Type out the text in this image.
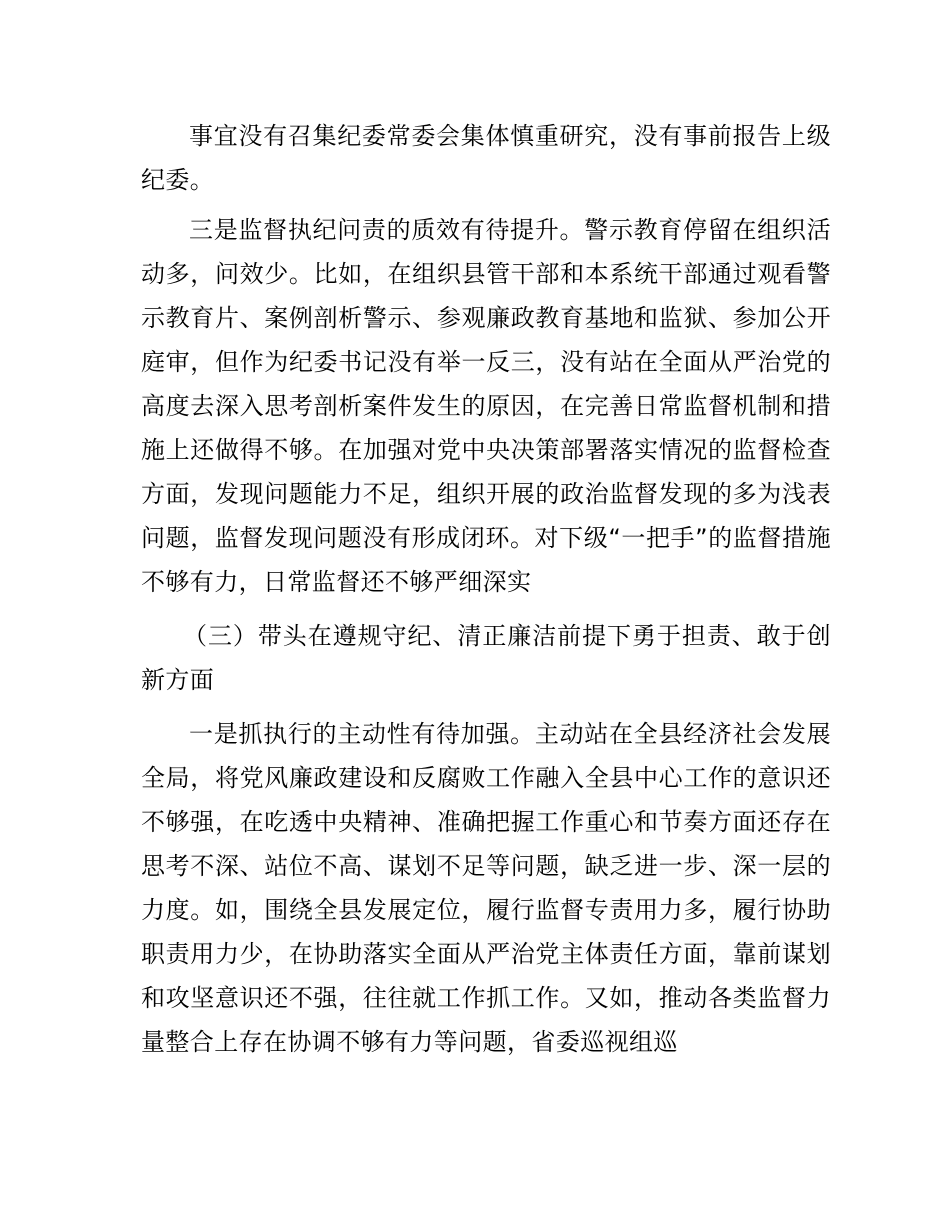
事宜没有召集纪委常委会集体慎重研究，没有事前报告上级纪委。

三是监督执纪问责的质效有待提升。警示教育停留在组织活动多，问效少。比如，在组织县管干部和本系统干部通过观看警示教育片、案例剖析警示、参观廉政教育基地和监狱、参加公开庭审，但作为纪委书记没有举一反三，没有站在全面从严治党的高度去深入思考剖析案件发生的原因，在完善日常监督机制和措施上还做得不够。在加强对党中央决策部署落实情况的监督检查方面，发现问题能力不足，组织开展的政治监督发现的多为浅表问题，监督发现问题没有形成闭环。对下级“一把手”的监督措施不够有力，日常监督还不够严细深实

（三）带头在遵规守纪、清正廉洁前提下勇于担责、敢于创新方面

一是抓执行的主动性有待加强。主动站在全县经济社会发展全局，将党风廉政建设和反腐败工作融入全县中心工作的意识还不够强，在吃透中央精神、准确把握工作重心和节奏方面还存在思考不深、站位不高、谋划不足等问题，缺乏进一步、深一层的力度。如，围绕全县发展定位，履行监督专责用力多，履行协助职责用力少，在协助落实全面从严治党主体责任方面，靠前谋划和攻坚意识还不强，往往就工作抓工作。又如，推动各类监督力量整合上存在协调不够有力等问题，省委巡视组巡
